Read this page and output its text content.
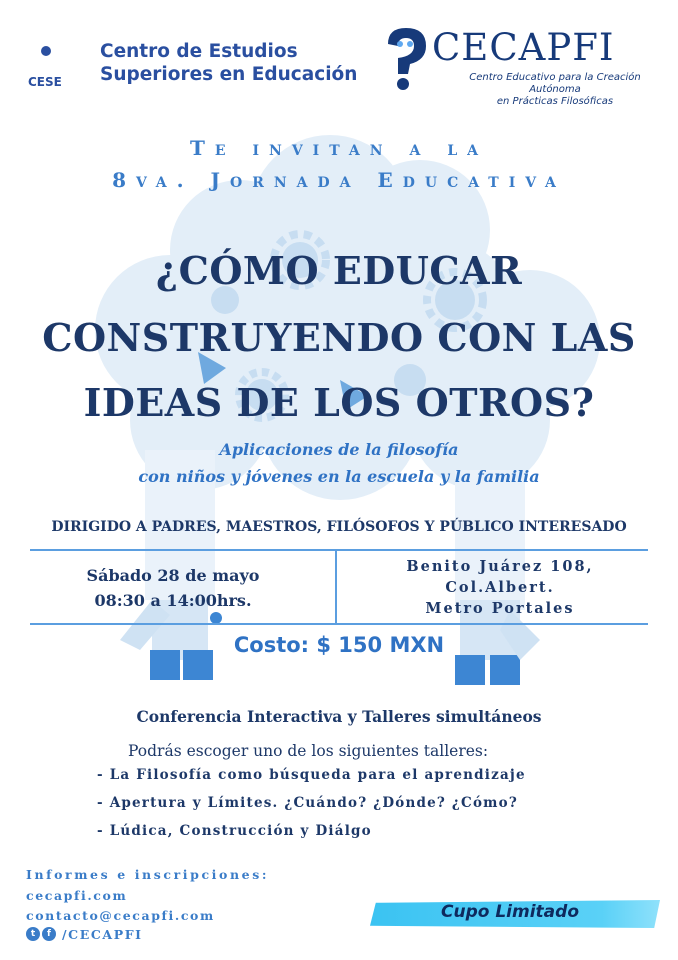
CESE
Centro de Estudios
Superiores en Educación
CECAPFI
Centro Educativo para la Creación Autónoma
en Prácticas Filosóficas
Te invitan a la
8va. Jornada Educativa
¿CÓMO EDUCAR
CONSTRUYENDO CON LAS
IDEAS DE LOS OTROS?
Aplicaciones de la filosofía
con niños y jóvenes en la escuela y la familia
DIRIGIDO A PADRES, MAESTROS, FILÓSOFOS Y PÚBLICO INTERESADO
Sábado 28 de mayo
08:30 a 14:00hrs.
Benito Juárez 108,
Col.Albert.
Metro Portales
Costo: $ 150 MXN
Conferencia Interactiva y Talleres simultáneos
Podrás escoger uno de los siguientes talleres:
- La Filosofía como búsqueda para el aprendizaje
- Apertura y Límites. ¿Cuándo? ¿Dónde? ¿Cómo?
- Lúdica, Construcción y Diálgo
Informes e inscripciones:
cecapfi.com
contacto@cecapfi.com
t	f /CECAPFI
Cupo Limitado
